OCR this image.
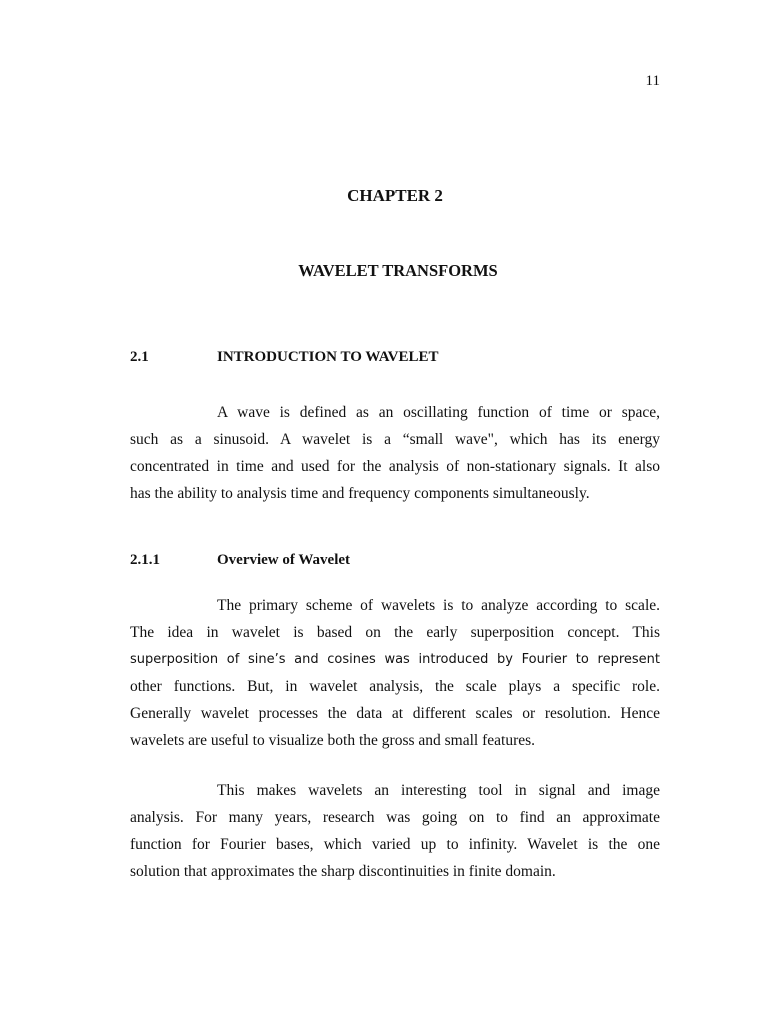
11
CHAPTER 2
WAVELET TRANSFORMS
2.1	INTRODUCTION TO WAVELET
A wave is defined as an oscillating function of time or space,
such as a sinusoid. A wavelet is a “small wave", which has its energy
concentrated in time and used for the analysis of non-stationary signals. It also
has the ability to analysis time and frequency components simultaneously.
2.1.1	Overview of Wavelet
The primary scheme of wavelets is to analyze according to scale.
The idea in wavelet is based on the early superposition concept. This
superposition of sine’s and cosines was introduced by Fourier to represent
other functions. But, in wavelet analysis, the scale plays a specific role.
Generally wavelet processes the data at different scales or resolution. Hence
wavelets are useful to visualize both the gross and small features.
This makes wavelets an interesting tool in signal and image
analysis. For many years, research was going on to find an approximate
function for Fourier bases, which varied up to infinity. Wavelet is the one
solution that approximates the sharp discontinuities in finite domain.
